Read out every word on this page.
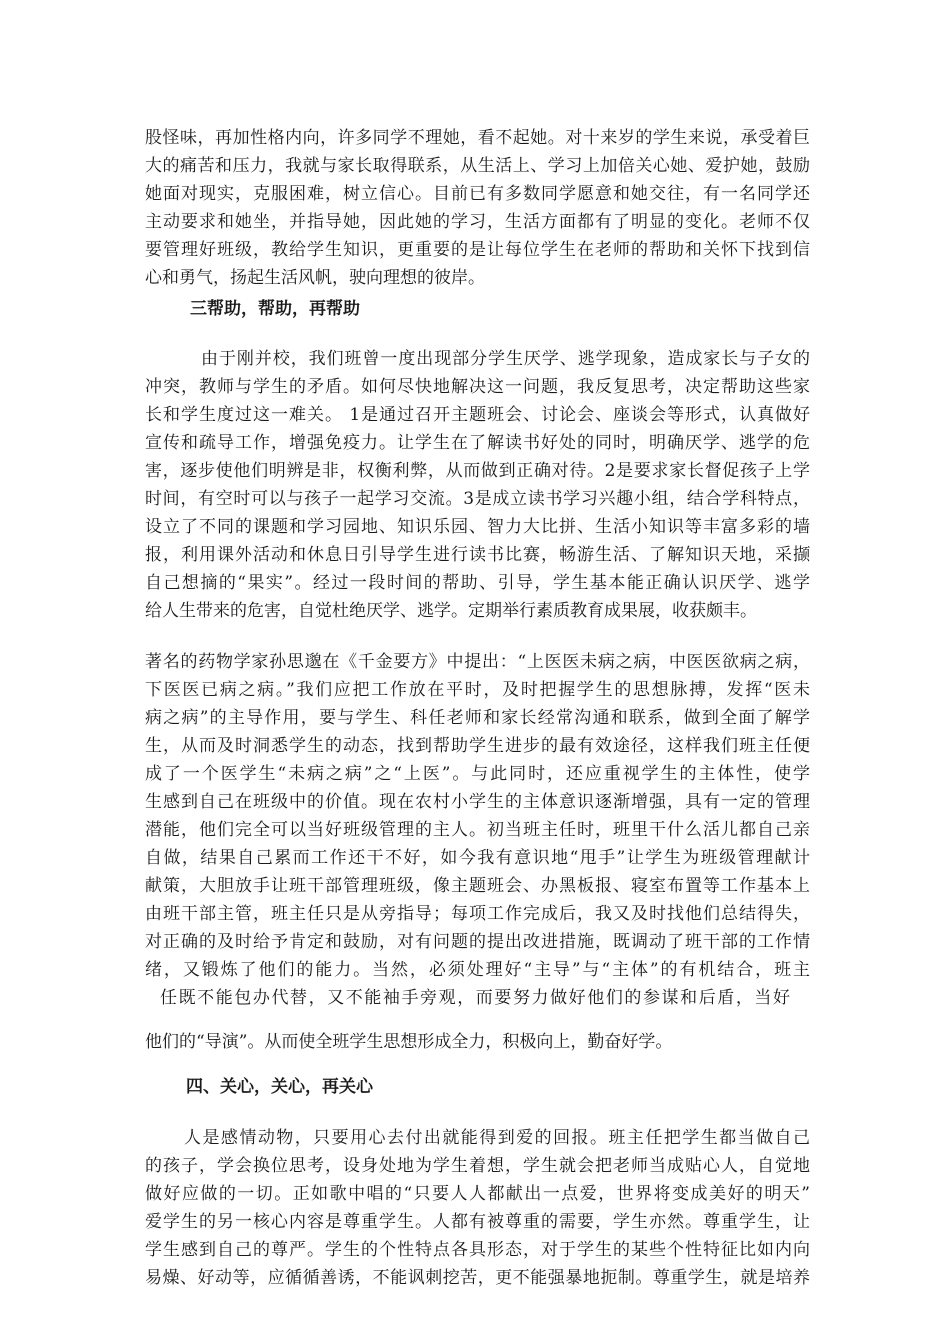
股怪味，再加性格内向，许多同学不理她，看不起她。对十来岁的学生来说，承受着巨
大的痛苦和压力，我就与家长取得联系，从生活上、学习上加倍关心她、爱护她，鼓励
她面对现实，克服困难，树立信心。目前已有多数同学愿意和她交往，有一名同学还
主动要求和她坐，并指导她，因此她的学习，生活方面都有了明显的变化。老师不仅
要管理好班级，教给学生知识，更重要的是让每位学生在老师的帮助和关怀下找到信
心和勇气，扬起生活风帆，驶向理想的彼岸。
三帮助，帮助，再帮助
由于刚并校，我们班曾一度出现部分学生厌学、逃学现象，造成家长与子女的
冲突，教师与学生的矛盾。如何尽快地解决这一问题，我反复思考，决定帮助这些家
长和学生度过这一难关。 1是通过召开主题班会、讨论会、座谈会等形式，认真做好
宣传和疏导工作，增强免疫力。让学生在了解读书好处的同时，明确厌学、逃学的危
害，逐步使他们明辨是非，权衡利弊，从而做到正确对待。2是要求家长督促孩子上学
时间，有空时可以与孩子一起学习交流。3是成立读书学习兴趣小组，结合学科特点，
设立了不同的课题和学习园地、知识乐园、智力大比拼、生活小知识等丰富多彩的墙
报，利用课外活动和休息日引导学生进行读书比赛，畅游生活、了解知识天地，采撷
自己想摘的“果实”。经过一段时间的帮助、引导，学生基本能正确认识厌学、逃学
给人生带来的危害，自觉杜绝厌学、逃学。定期举行素质教育成果展，收获颇丰。
著名的药物学家孙思邈在《千金要方》中提出：“上医医未病之病，中医医欲病之病，
下医医已病之病。”我们应把工作放在平时，及时把握学生的思想脉搏，发挥“医未
病之病”的主导作用，要与学生、科任老师和家长经常沟通和联系，做到全面了解学
生，从而及时洞悉学生的动态，找到帮助学生进步的最有效途径，这样我们班主任便
成了一个医学生“未病之病”之“上医”。与此同时，还应重视学生的主体性，使学
生感到自己在班级中的价值。现在农村小学生的主体意识逐渐增强，具有一定的管理
潜能，他们完全可以当好班级管理的主人。初当班主任时，班里干什么活儿都自己亲
自做，结果自己累而工作还干不好，如今我有意识地“甩手”让学生为班级管理献计
献策，大胆放手让班干部管理班级，像主题班会、办黑板报、寝室布置等工作基本上
由班干部主管，班主任只是从旁指导；每项工作完成后，我又及时找他们总结得失，
对正确的及时给予肯定和鼓励，对有问题的提出改进措施，既调动了班干部的工作情
绪，又锻炼了他们的能力。当然，必须处理好“主导”与“主体”的有机结合，班主
任既不能包办代替，又不能袖手旁观，而要努力做好他们的参谋和后盾，当好
他们的“导演”。从而使全班学生思想形成全力，积极向上，勤奋好学。
四、关心，关心，再关心
人是感情动物，只要用心去付出就能得到爱的回报。班主任把学生都当做自己
的孩子，学会换位思考，设身处地为学生着想，学生就会把老师当成贴心人，自觉地
做好应做的一切。正如歌中唱的“只要人人都献出一点爱，世界将变成美好的明天”
爱学生的另一核心内容是尊重学生。人都有被尊重的需要，学生亦然。尊重学生，让
学生感到自己的尊严。学生的个性特点各具形态，对于学生的某些个性特征比如内向
易燥、好动等，应循循善诱，不能讽刺挖苦，更不能强暴地扼制。尊重学生，就是培养
